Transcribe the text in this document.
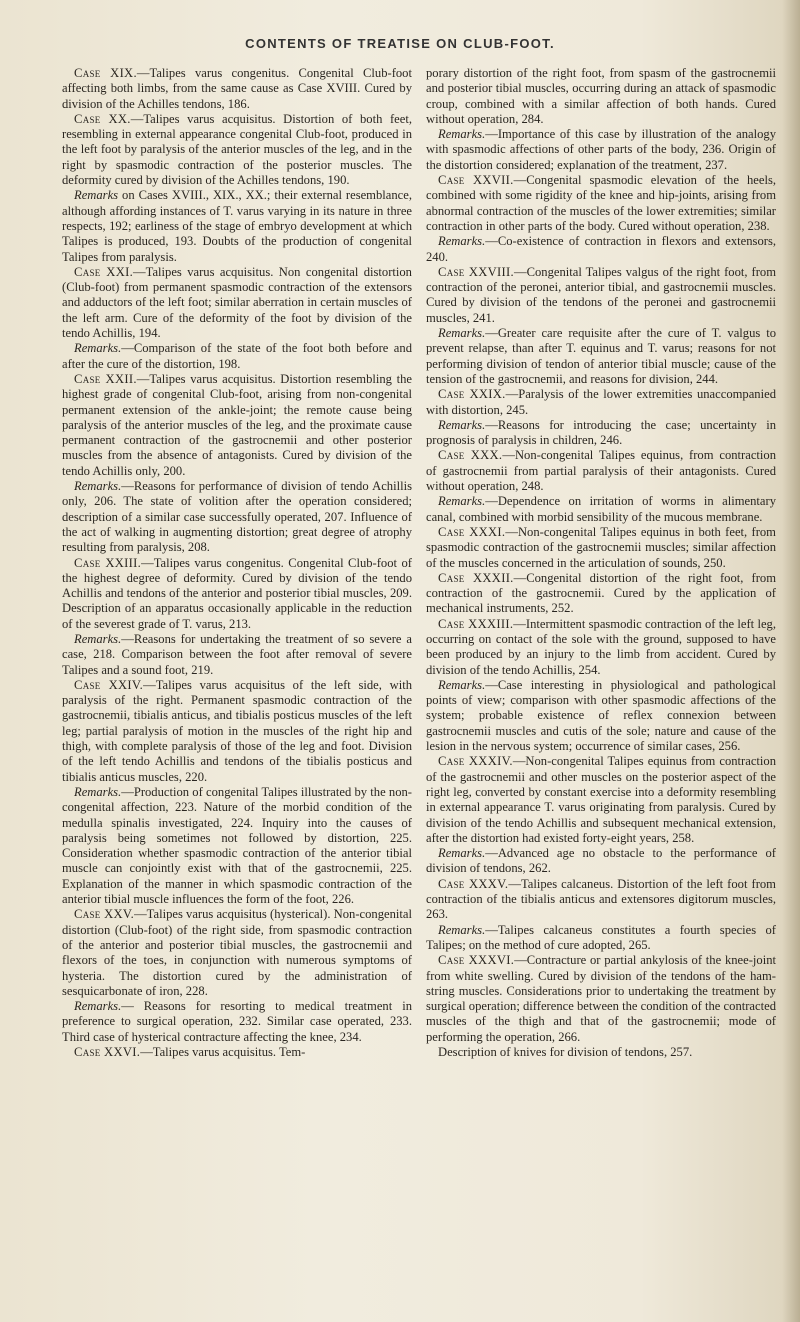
CONTENTS OF TREATISE ON CLUB-FOOT.

Case XIX.—Talipes varus congenitus. Congenital Club-foot affecting both limbs, from the same cause as Case XVIII. Cured by division of the Achilles tendons, 186.

Case XX.—Talipes varus acquisitus. Distortion of both feet, resembling in external appearance congenital Club-foot, produced in the left foot by paralysis of the anterior muscles of the leg, and in the right by spasmodic contraction of the posterior muscles. The deformity cured by division of the Achilles tendons, 190.

Remarks on Cases XVIII., XIX., XX.; their external resemblance, although affording instances of T. varus varying in its nature in three respects, 192; earliness of the stage of embryo development at which Talipes is produced, 193. Doubts of the production of congenital Talipes from paralysis.

Case XXI.—Talipes varus acquisitus. Non congenital distortion (Club-foot) from permanent spasmodic contraction of the extensors and adductors of the left foot; similar aberration in certain muscles of the left arm. Cure of the deformity of the foot by division of the tendo Achillis, 194.

Remarks.—Comparison of the state of the foot both before and after the cure of the distortion, 198.

Case XXII.—Talipes varus acquisitus. Distortion resembling the highest grade of congenital Club-foot, arising from non-congenital permanent extension of the ankle-joint; the remote cause being paralysis of the anterior muscles of the leg, and the proximate cause permanent contraction of the gastrocnemii and other posterior muscles from the absence of antagonists. Cured by division of the tendo Achillis only, 200.

Remarks.—Reasons for performance of division of tendo Achillis only, 206. The state of volition after the operation considered; description of a similar case successfully operated, 207. Influence of the act of walking in augmenting distortion; great degree of atrophy resulting from paralysis, 208.

Case XXIII.—Talipes varus congenitus. Congenital Club-foot of the highest degree of deformity. Cured by division of the tendo Achillis and tendons of the anterior and posterior tibial muscles, 209. Description of an apparatus occasionally applicable in the reduction of the severest grade of T. varus, 213.

Remarks.—Reasons for undertaking the treatment of so severe a case, 218. Comparison between the foot after removal of severe Talipes and a sound foot, 219.

Case XXIV.—Talipes varus acquisitus of the left side, with paralysis of the right. Permanent spasmodic contraction of the gastrocnemii, tibialis anticus, and tibialis posticus muscles of the left leg; partial paralysis of motion in the muscles of the right hip and thigh, with complete paralysis of those of the leg and foot. Division of the left tendo Achillis and tendons of the tibialis posticus and tibialis anticus muscles, 220.

Remarks.—Production of congenital Talipes illustrated by the non-congenital affection, 223. Nature of the morbid condition of the medulla spinalis investigated, 224. Inquiry into the causes of paralysis being sometimes not followed by distortion, 225. Consideration whether spasmodic contraction of the anterior tibial muscle can conjointly exist with that of the gastrocnemii, 225. Explanation of the manner in which spasmodic contraction of the anterior tibial muscle influences the form of the foot, 226.

Case XXV.—Talipes varus acquisitus (hysterical). Non-congenital distortion (Club-foot) of the right side, from spasmodic contraction of the anterior and posterior tibial muscles, the gastrocnemii and flexors of the toes, in conjunction with numerous symptoms of hysteria. The distortion cured by the administration of sesquicarbonate of iron, 228.

Remarks.— Reasons for resorting to medical treatment in preference to surgical operation, 232. Similar case operated, 233. Third case of hysterical contracture affecting the knee, 234.

Case XXVI.—Talipes varus acquisitus. Tem-

porary distortion of the right foot, from spasm of the gastrocnemii and posterior tibial muscles, occurring during an attack of spasmodic croup, combined with a similar affection of both hands. Cured without operation, 284.

Remarks.—Importance of this case by illustration of the analogy with spasmodic affections of other parts of the body, 236. Origin of the distortion considered; explanation of the treatment, 237.

Case XXVII.—Congenital spasmodic elevation of the heels, combined with some rigidity of the knee and hip-joints, arising from abnormal contraction of the muscles of the lower extremities; similar contraction in other parts of the body. Cured without operation, 238.

Remarks.—Co-existence of contraction in flexors and extensors, 240.

Case XXVIII.—Congenital Talipes valgus of the right foot, from contraction of the peronei, anterior tibial, and gastrocnemii muscles. Cured by division of the tendons of the peronei and gastrocnemii muscles, 241.

Remarks.—Greater care requisite after the cure of T. valgus to prevent relapse, than after T. equinus and T. varus; reasons for not performing division of tendon of anterior tibial muscle; cause of the tension of the gastrocnemii, and reasons for division, 244.

Case XXIX.—Paralysis of the lower extremities unaccompanied with distortion, 245.

Remarks.—Reasons for introducing the case; uncertainty in prognosis of paralysis in children, 246.

Case XXX.—Non-congenital Talipes equinus, from contraction of gastrocnemii from partial paralysis of their antagonists. Cured without operation, 248.

Remarks.—Dependence on irritation of worms in alimentary canal, combined with morbid sensibility of the mucous membrane.

Case XXXI.—Non-congenital Talipes equinus in both feet, from spasmodic contraction of the gastrocnemii muscles; similar affection of the muscles concerned in the articulation of sounds, 250.

Case XXXII.—Congenital distortion of the right foot, from contraction of the gastrocnemii. Cured by the application of mechanical instruments, 252.

Case XXXIII.—Intermittent spasmodic contraction of the left leg, occurring on contact of the sole with the ground, supposed to have been produced by an injury to the limb from accident. Cured by division of the tendo Achillis, 254.

Remarks.—Case interesting in physiological and pathological points of view; comparison with other spasmodic affections of the system; probable existence of reflex connexion between gastrocnemii muscles and cutis of the sole; nature and cause of the lesion in the nervous system; occurrence of similar cases, 256.

Case XXXIV.—Non-congenital Talipes equinus from contraction of the gastrocnemii and other muscles on the posterior aspect of the right leg, converted by constant exercise into a deformity resembling in external appearance T. varus originating from paralysis. Cured by division of the tendo Achillis and subsequent mechanical extension, after the distortion had existed forty-eight years, 258.

Remarks.—Advanced age no obstacle to the performance of division of tendons, 262.

Case XXXV.—Talipes calcaneus. Distortion of the left foot from contraction of the tibialis anticus and extensores digitorum muscles, 263.

Remarks.—Talipes calcaneus constitutes a fourth species of Talipes; on the method of cure adopted, 265.

Case XXXVI.—Contracture or partial ankylosis of the knee-joint from white swelling. Cured by division of the tendons of the ham-string muscles. Considerations prior to undertaking the treatment by surgical operation; difference between the condition of the contracted muscles of the thigh and that of the gastrocnemii; mode of performing the operation, 266.

Description of knives for division of tendons, 257.
